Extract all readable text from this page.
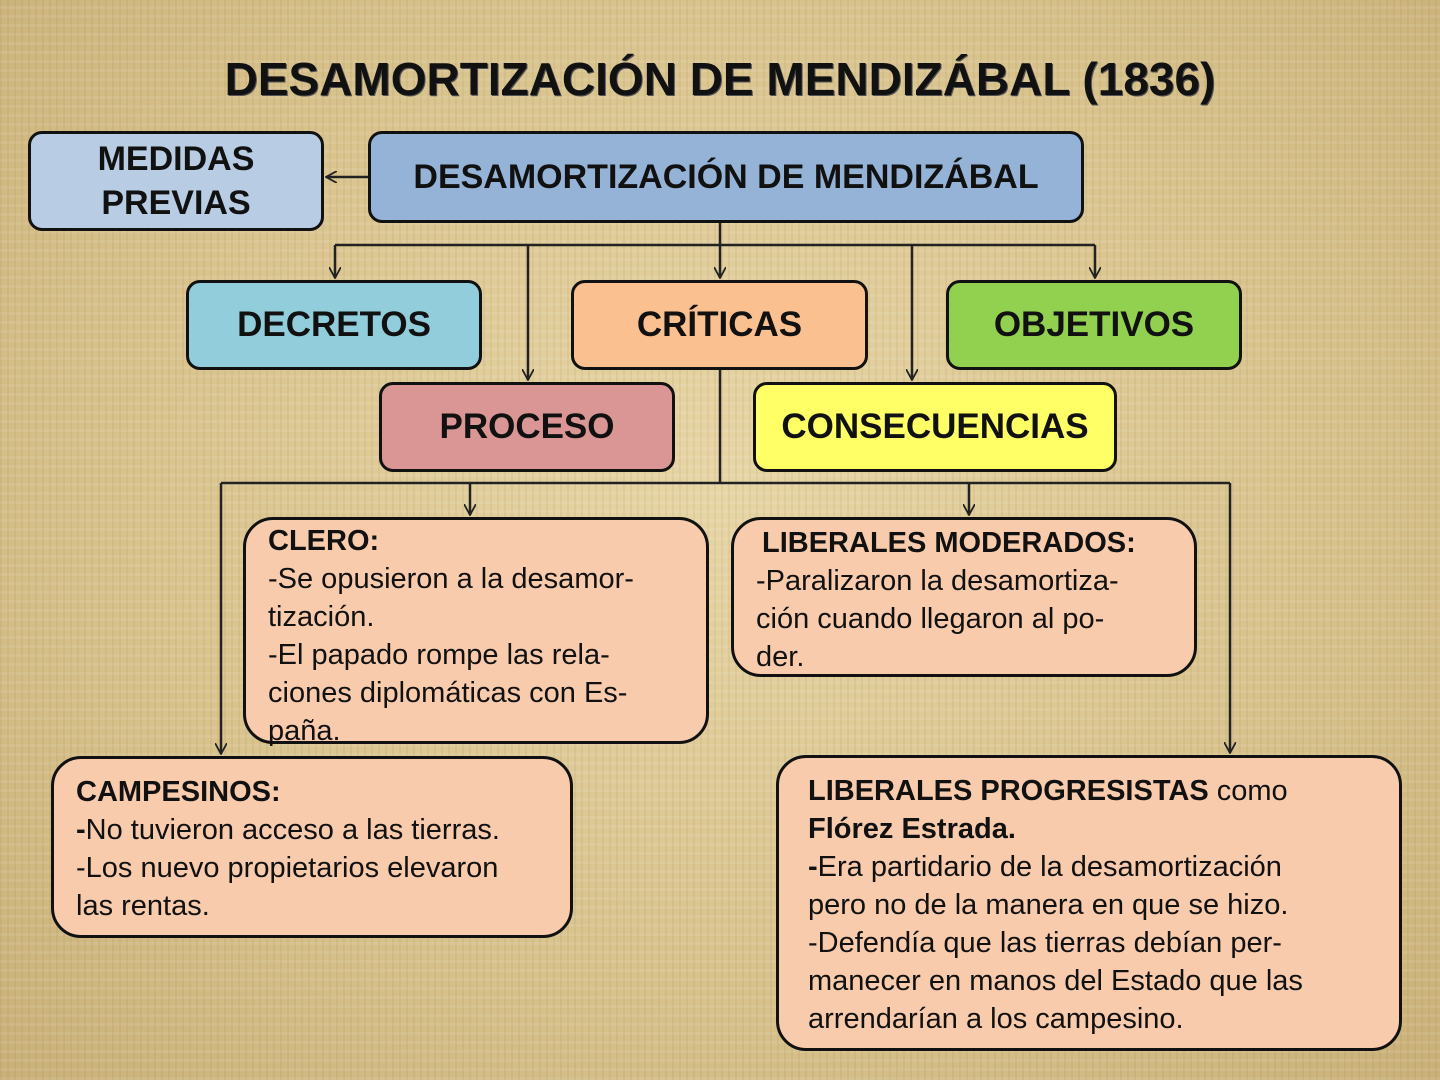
DESAMORTIZACIÓN DE MENDIZÁBAL (1836)
MEDIDAS
PREVIAS
DESAMORTIZACIÓN DE MENDIZÁBAL
DECRETOS	CRÍTICAS	OBJETIVOS
PROCESO	CONSECUENCIAS

CLERO:

-Se opusieron a la desamor-

tización.

-El papado rompe las rela-

ciones diplomáticas con Es-

paña.

LIBERALES MODERADOS:

-Paralizaron la desamortiza-

ción cuando llegaron al po-

der.

CAMPESINOS:

-No tuvieron acceso a las tierras.

-Los nuevo propietarios elevaron

las rentas.

LIBERALES PROGRESISTAS como

Flórez Estrada.

-Era partidario de la desamortización

pero no de la manera en que se hizo.

-Defendía que las tierras debían per-

manecer en manos del Estado que las

arrendarían a los campesino.
